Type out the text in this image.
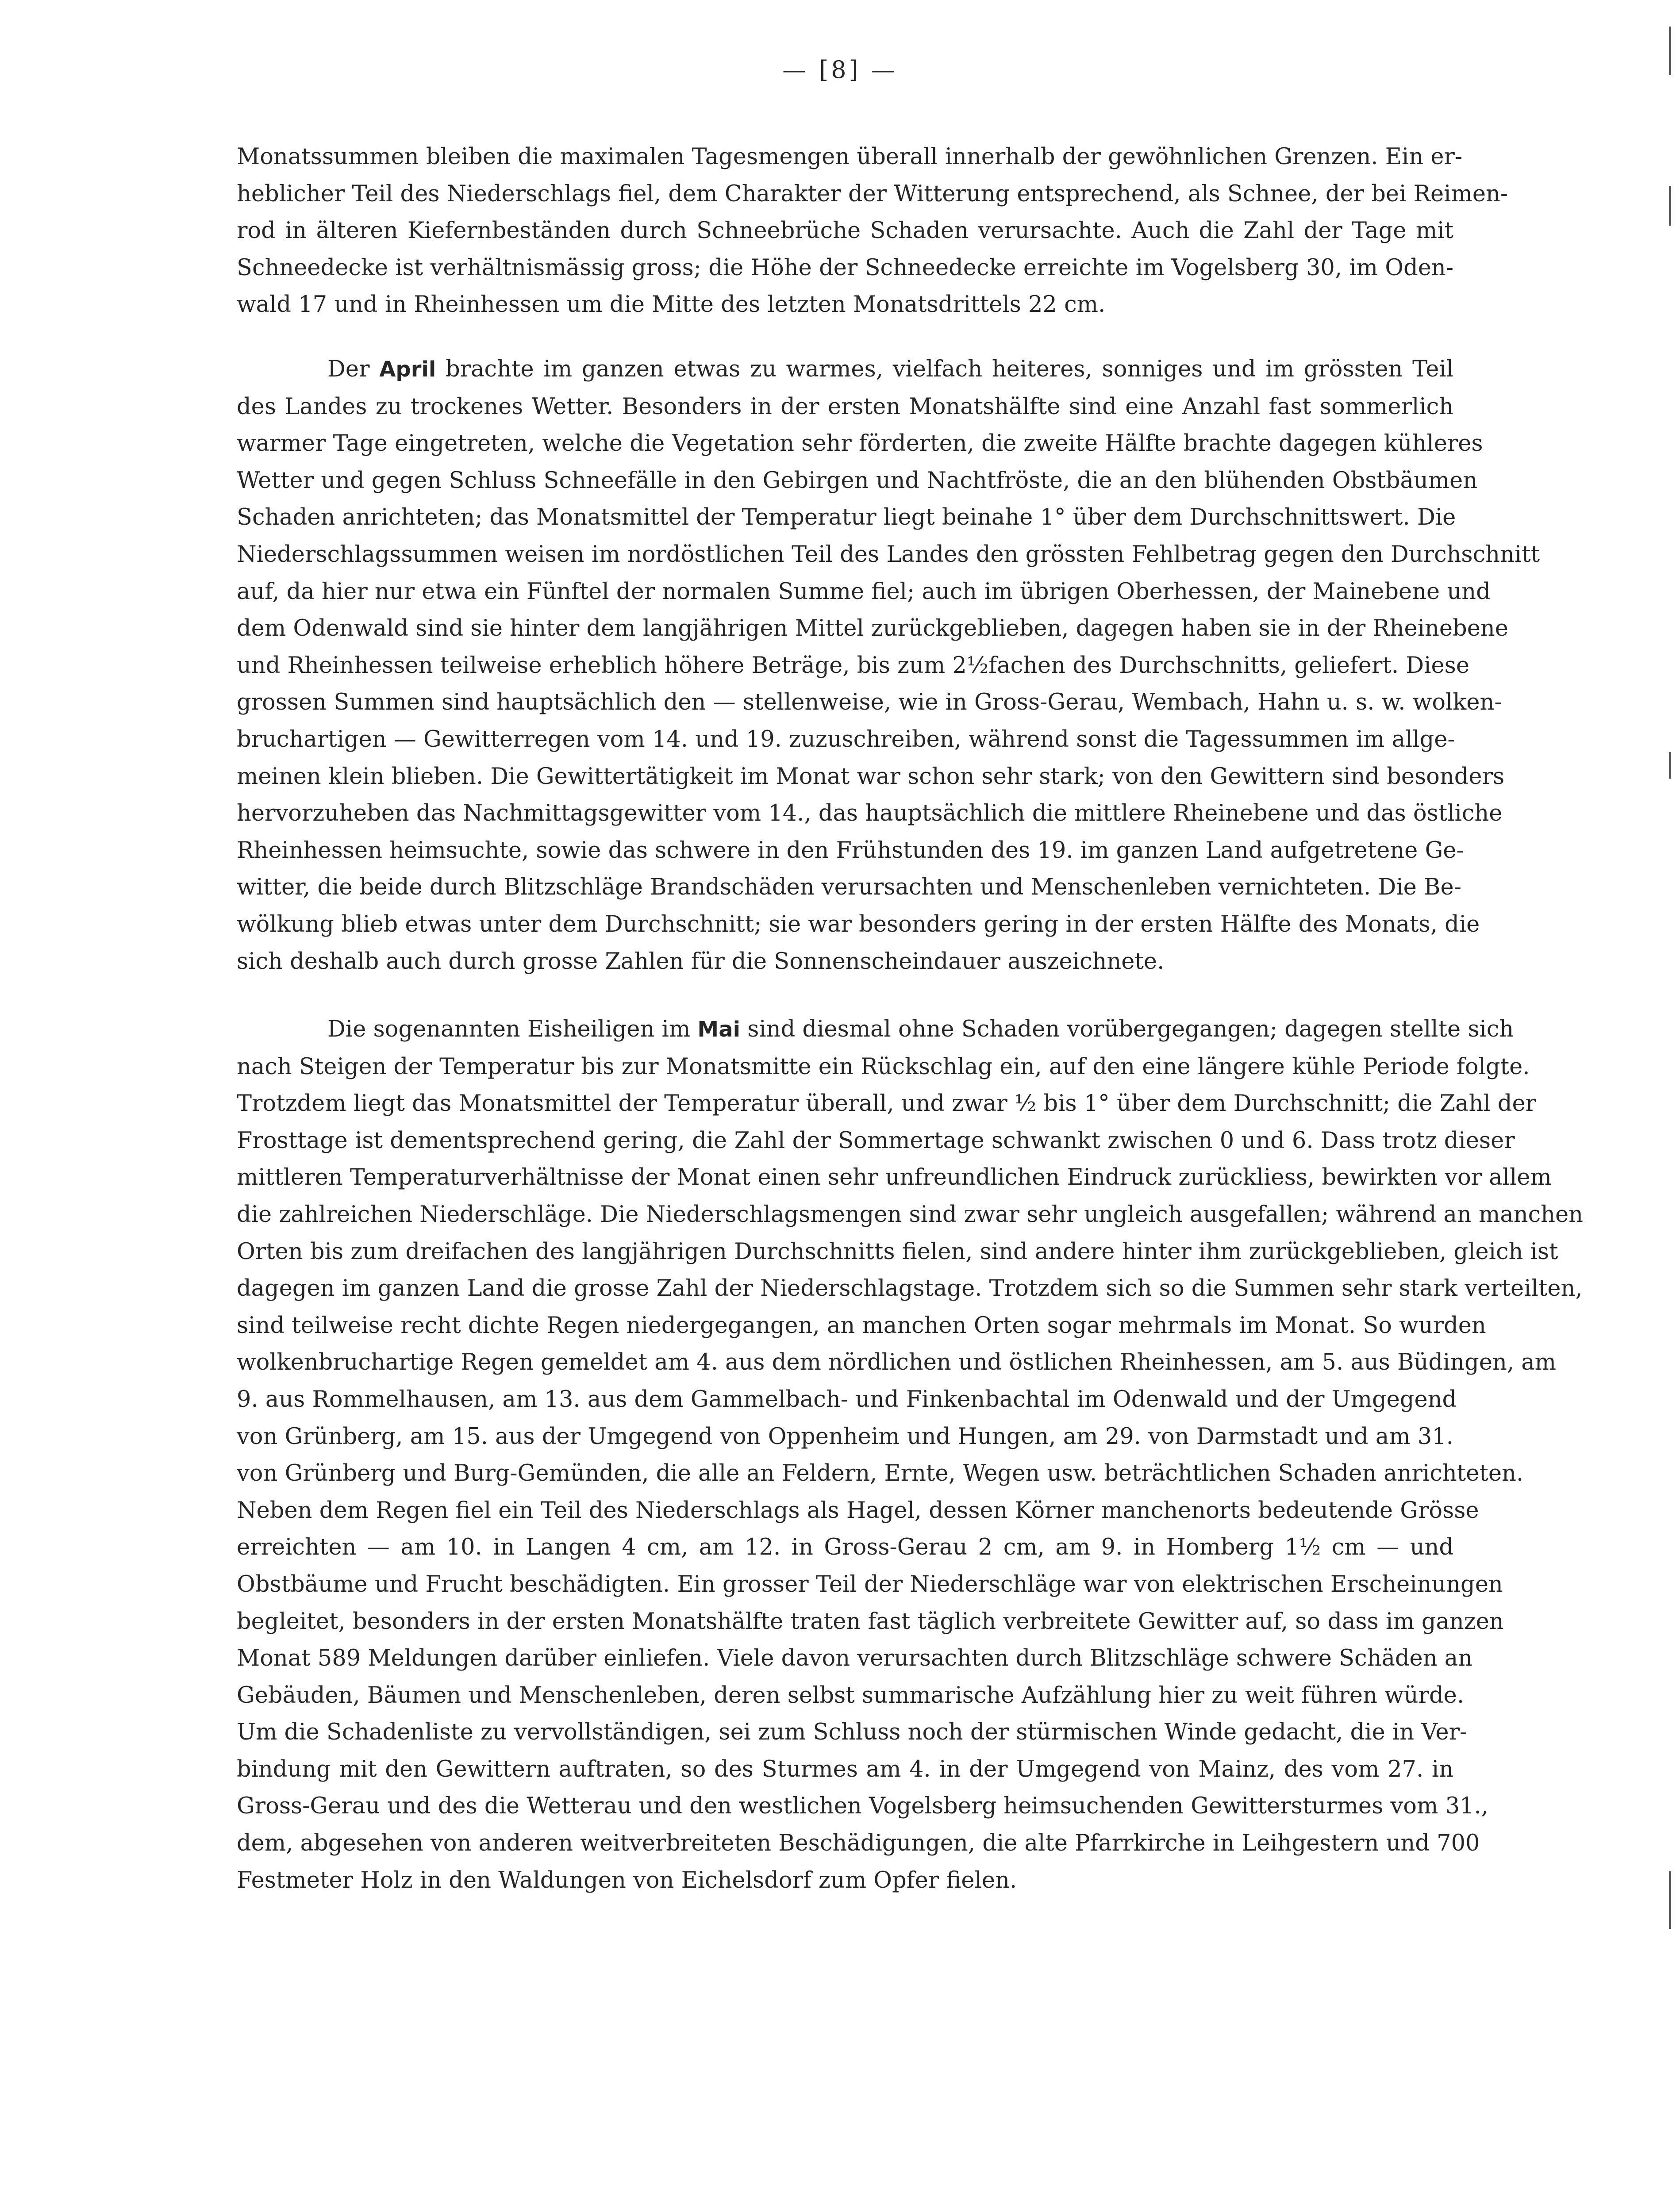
— [8] —
Monatssummen bleiben die maximalen Tagesmengen überall innerhalb der gewöhnlichen Grenzen. Ein er-
heblicher Teil des Niederschlags fiel, dem Charakter der Witterung entsprechend, als Schnee, der bei Reimen-
rod in älteren Kiefernbeständen durch Schneebrüche Schaden verursachte. Auch die Zahl der Tage mit
Schneedecke ist verhältnismässig gross; die Höhe der Schneedecke erreichte im Vogelsberg 30, im Oden-
wald 17 und in Rheinhessen um die Mitte des letzten Monatsdrittels 22 cm.
Der April brachte im ganzen etwas zu warmes, vielfach heiteres, sonniges und im grössten Teil
des Landes zu trockenes Wetter. Besonders in der ersten Monatshälfte sind eine Anzahl fast sommerlich
warmer Tage eingetreten, welche die Vegetation sehr förderten, die zweite Hälfte brachte dagegen kühleres
Wetter und gegen Schluss Schneefälle in den Gebirgen und Nachtfröste, die an den blühenden Obstbäumen
Schaden anrichteten; das Monatsmittel der Temperatur liegt beinahe 1° über dem Durchschnittswert. Die
Niederschlagssummen weisen im nordöstlichen Teil des Landes den grössten Fehlbetrag gegen den Durchschnitt
auf, da hier nur etwa ein Fünftel der normalen Summe fiel; auch im übrigen Oberhessen, der Mainebene und
dem Odenwald sind sie hinter dem langjährigen Mittel zurückgeblieben, dagegen haben sie in der Rheinebene
und Rheinhessen teilweise erheblich höhere Beträge, bis zum 2½fachen des Durchschnitts, geliefert. Diese
grossen Summen sind hauptsächlich den — stellenweise, wie in Gross-Gerau, Wembach, Hahn u. s. w. wolken-
bruchartigen — Gewitterregen vom 14. und 19. zuzuschreiben, während sonst die Tagessummen im allge-
meinen klein blieben. Die Gewittertätigkeit im Monat war schon sehr stark; von den Gewittern sind besonders
hervorzuheben das Nachmittagsgewitter vom 14., das hauptsächlich die mittlere Rheinebene und das östliche
Rheinhessen heimsuchte, sowie das schwere in den Frühstunden des 19. im ganzen Land aufgetretene Ge-
witter, die beide durch Blitzschläge Brandschäden verursachten und Menschenleben vernichteten. Die Be-
wölkung blieb etwas unter dem Durchschnitt; sie war besonders gering in der ersten Hälfte des Monats, die
sich deshalb auch durch grosse Zahlen für die Sonnenscheindauer auszeichnete.
Die sogenannten Eisheiligen im Mai sind diesmal ohne Schaden vorübergegangen; dagegen stellte sich
nach Steigen der Temperatur bis zur Monatsmitte ein Rückschlag ein, auf den eine längere kühle Periode folgte.
Trotzdem liegt das Monatsmittel der Temperatur überall, und zwar ½ bis 1° über dem Durchschnitt; die Zahl der
Frosttage ist dementsprechend gering, die Zahl der Sommertage schwankt zwischen 0 und 6. Dass trotz dieser
mittleren Temperaturverhältnisse der Monat einen sehr unfreundlichen Eindruck zurückliess, bewirkten vor allem
die zahlreichen Niederschläge. Die Niederschlagsmengen sind zwar sehr ungleich ausgefallen; während an manchen
Orten bis zum dreifachen des langjährigen Durchschnitts fielen, sind andere hinter ihm zurückgeblieben, gleich ist
dagegen im ganzen Land die grosse Zahl der Niederschlagstage. Trotzdem sich so die Summen sehr stark verteilten,
sind teilweise recht dichte Regen niedergegangen, an manchen Orten sogar mehrmals im Monat. So wurden
wolkenbruchartige Regen gemeldet am 4. aus dem nördlichen und östlichen Rheinhessen, am 5. aus Büdingen, am
9. aus Rommelhausen, am 13. aus dem Gammelbach- und Finkenbachtal im Odenwald und der Umgegend
von Grünberg, am 15. aus der Umgegend von Oppenheim und Hungen, am 29. von Darmstadt und am 31.
von Grünberg und Burg-Gemünden, die alle an Feldern, Ernte, Wegen usw. beträchtlichen Schaden anrichteten.
Neben dem Regen fiel ein Teil des Niederschlags als Hagel, dessen Körner manchenorts bedeutende Grösse
erreichten — am 10. in Langen 4 cm, am 12. in Gross-Gerau 2 cm, am 9. in Homberg 1½ cm — und
Obstbäume und Frucht beschädigten. Ein grosser Teil der Niederschläge war von elektrischen Erscheinungen
begleitet, besonders in der ersten Monatshälfte traten fast täglich verbreitete Gewitter auf, so dass im ganzen
Monat 589 Meldungen darüber einliefen. Viele davon verursachten durch Blitzschläge schwere Schäden an
Gebäuden, Bäumen und Menschenleben, deren selbst summarische Aufzählung hier zu weit führen würde.
Um die Schadenliste zu vervollständigen, sei zum Schluss noch der stürmischen Winde gedacht, die in Ver-
bindung mit den Gewittern auftraten, so des Sturmes am 4. in der Umgegend von Mainz, des vom 27. in
Gross-Gerau und des die Wetterau und den westlichen Vogelsberg heimsuchenden Gewittersturmes vom 31.,
dem, abgesehen von anderen weitverbreiteten Beschädigungen, die alte Pfarrkirche in Leihgestern und 700
Festmeter Holz in den Waldungen von Eichelsdorf zum Opfer fielen.
